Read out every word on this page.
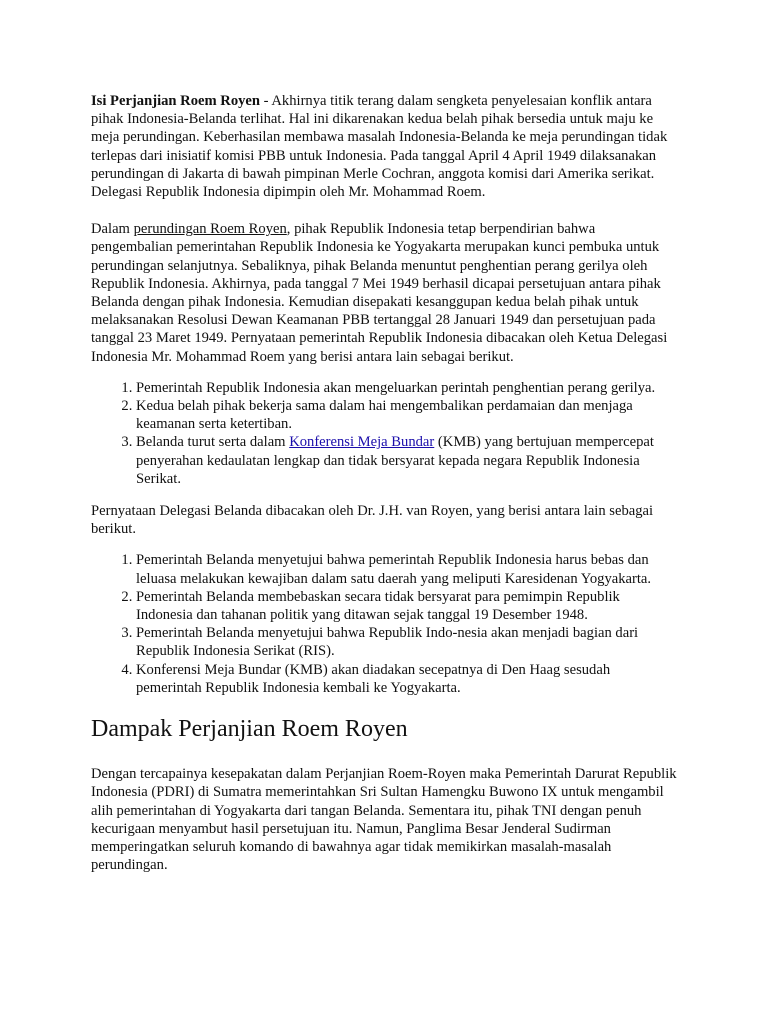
Isi Perjanjian Roem Royen - Akhirnya titik terang dalam sengketa penyelesaian konflik antara pihak Indonesia-Belanda terlihat. Hal ini dikarenakan kedua belah pihak bersedia untuk maju ke meja perundingan. Keberhasilan membawa masalah Indonesia-Belanda ke meja perundingan tidak terlepas dari inisiatif komisi PBB untuk Indonesia. Pada tanggal April 4 April 1949 dilaksanakan perundingan di Jakarta di bawah pimpinan Merle Cochran, anggota komisi dari Amerika serikat. Delegasi Republik Indonesia dipimpin oleh Mr. Mohammad Roem.

Dalam perundingan Roem Royen, pihak Republik Indonesia tetap berpendirian bahwa pengembalian pemerintahan Republik Indonesia ke Yogyakarta merupakan kunci pembuka untuk perundingan selanjutnya. Sebaliknya, pihak Belanda menuntut penghentian perang gerilya oleh Republik Indonesia. Akhirnya, pada tanggal 7 Mei 1949 berhasil dicapai persetujuan antara pihak Belanda dengan pihak Indonesia. Kemudian disepakati kesanggupan kedua belah pihak untuk melaksanakan Resolusi Dewan Keamanan PBB tertanggal 28 Januari 1949 dan persetujuan pada tanggal 23 Maret 1949. Pernyataan pemerintah Republik Indonesia dibacakan oleh Ketua Delegasi Indonesia Mr. Mohammad Roem yang berisi antara lain sebagai berikut.

1. Pemerintah Republik Indonesia akan mengeluarkan perintah penghentian perang gerilya.
2. Kedua belah pihak bekerja sama dalam hai mengembalikan perdamaian dan menjaga keamanan serta ketertiban.
3. Belanda turut serta dalam Konferensi Meja Bundar (KMB) yang bertujuan mempercepat penyerahan kedaulatan lengkap dan tidak bersyarat kepada negara Republik Indonesia Serikat.

Pernyataan Delegasi Belanda dibacakan oleh Dr. J.H. van Royen, yang berisi antara lain sebagai berikut.

1. Pemerintah Belanda menyetujui bahwa pemerintah Republik Indonesia harus bebas dan leluasa melakukan kewajiban dalam satu daerah yang meliputi Karesidenan Yogyakarta.
2. Pemerintah Belanda membebaskan secara tidak bersyarat para pemimpin Republik Indonesia dan tahanan politik yang ditawan sejak tanggal 19 Desember 1948.
3. Pemerintah Belanda menyetujui bahwa Republik Indo-nesia akan menjadi bagian dari Republik Indonesia Serikat (RIS).
4. Konferensi Meja Bundar (KMB) akan diadakan secepatnya di Den Haag sesudah pemerintah Republik Indonesia kembali ke Yogyakarta.
Dampak Perjanjian Roem Royen

Dengan tercapainya kesepakatan dalam Perjanjian Roem-Royen maka Pemerintah Darurat Republik Indonesia (PDRI) di Sumatra memerintahkan Sri Sultan Hamengku Buwono IX untuk mengambil alih pemerintahan di Yogyakarta dari tangan Belanda. Sementara itu, pihak TNI dengan penuh kecurigaan menyambut hasil persetujuan itu. Namun, Panglima Besar Jenderal Sudirman memperingatkan seluruh komando di bawahnya agar tidak memikirkan masalah-masalah perundingan.
